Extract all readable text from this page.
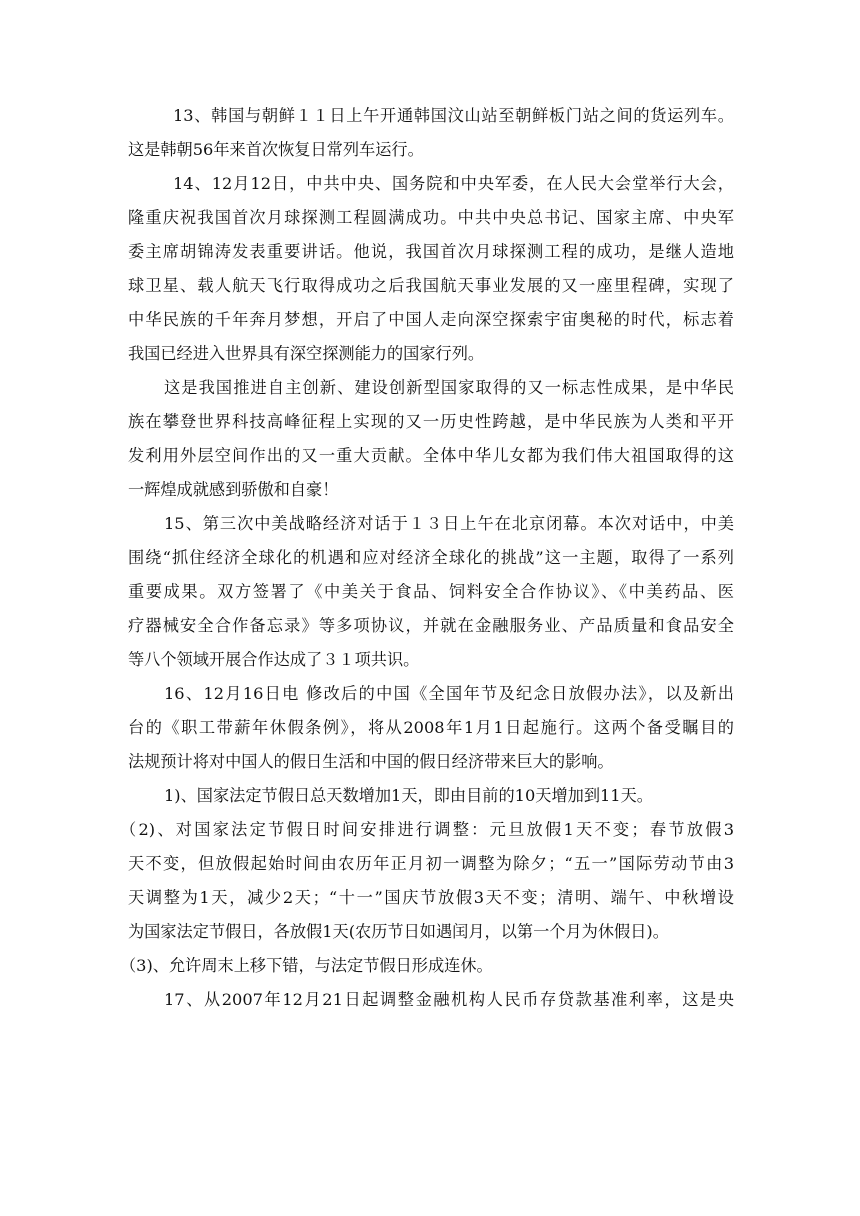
13、韩国与朝鲜１１日上午开通韩国汶山站至朝鲜板门站之间的货运列车。
这是韩朝56年来首次恢复日常列车运行。
14、12月12日，中共中央、国务院和中央军委，在人民大会堂举行大会，
隆重庆祝我国首次月球探测工程圆满成功。中共中央总书记、国家主席、中央军
委主席胡锦涛发表重要讲话。他说，我国首次月球探测工程的成功，是继人造地
球卫星、载人航天飞行取得成功之后我国航天事业发展的又一座里程碑，实现了
中华民族的千年奔月梦想，开启了中国人走向深空探索宇宙奥秘的时代，标志着
我国已经进入世界具有深空探测能力的国家行列。
这是我国推进自主创新、建设创新型国家取得的又一标志性成果，是中华民
族在攀登世界科技高峰征程上实现的又一历史性跨越，是中华民族为人类和平开
发利用外层空间作出的又一重大贡献。全体中华儿女都为我们伟大祖国取得的这
一辉煌成就感到骄傲和自豪！
15、第三次中美战略经济对话于１３日上午在北京闭幕。本次对话中，中美
围绕“抓住经济全球化的机遇和应对经济全球化的挑战”这一主题，取得了一系列
重要成果。双方签署了《中美关于食品、饲料安全合作协议》、《中美药品、医
疗器械安全合作备忘录》等多项协议，并就在金融服务业、产品质量和食品安全
等八个领域开展合作达成了３１项共识。
16、12月16日电 修改后的中国《全国年节及纪念日放假办法》，以及新出
台的《职工带薪年休假条例》，将从2008年1月1日起施行。这两个备受瞩目的
法规预计将对中国人的假日生活和中国的假日经济带来巨大的影响。
1)、国家法定节假日总天数增加1天，即由目前的10天增加到11天。
（2)、对国家法定节假日时间安排进行调整：元旦放假1天不变；春节放假3
天不变，但放假起始时间由农历年正月初一调整为除夕；“五一”国际劳动节由3
天调整为1天，减少2天；“十一”国庆节放假3天不变；清明、端午、中秋增设
为国家法定节假日，各放假1天(农历节日如遇闰月，以第一个月为休假日)。
（3)、允许周末上移下错，与法定节假日形成连休。
17、从2007年12月21日起调整金融机构人民币存贷款基准利率，这是央
